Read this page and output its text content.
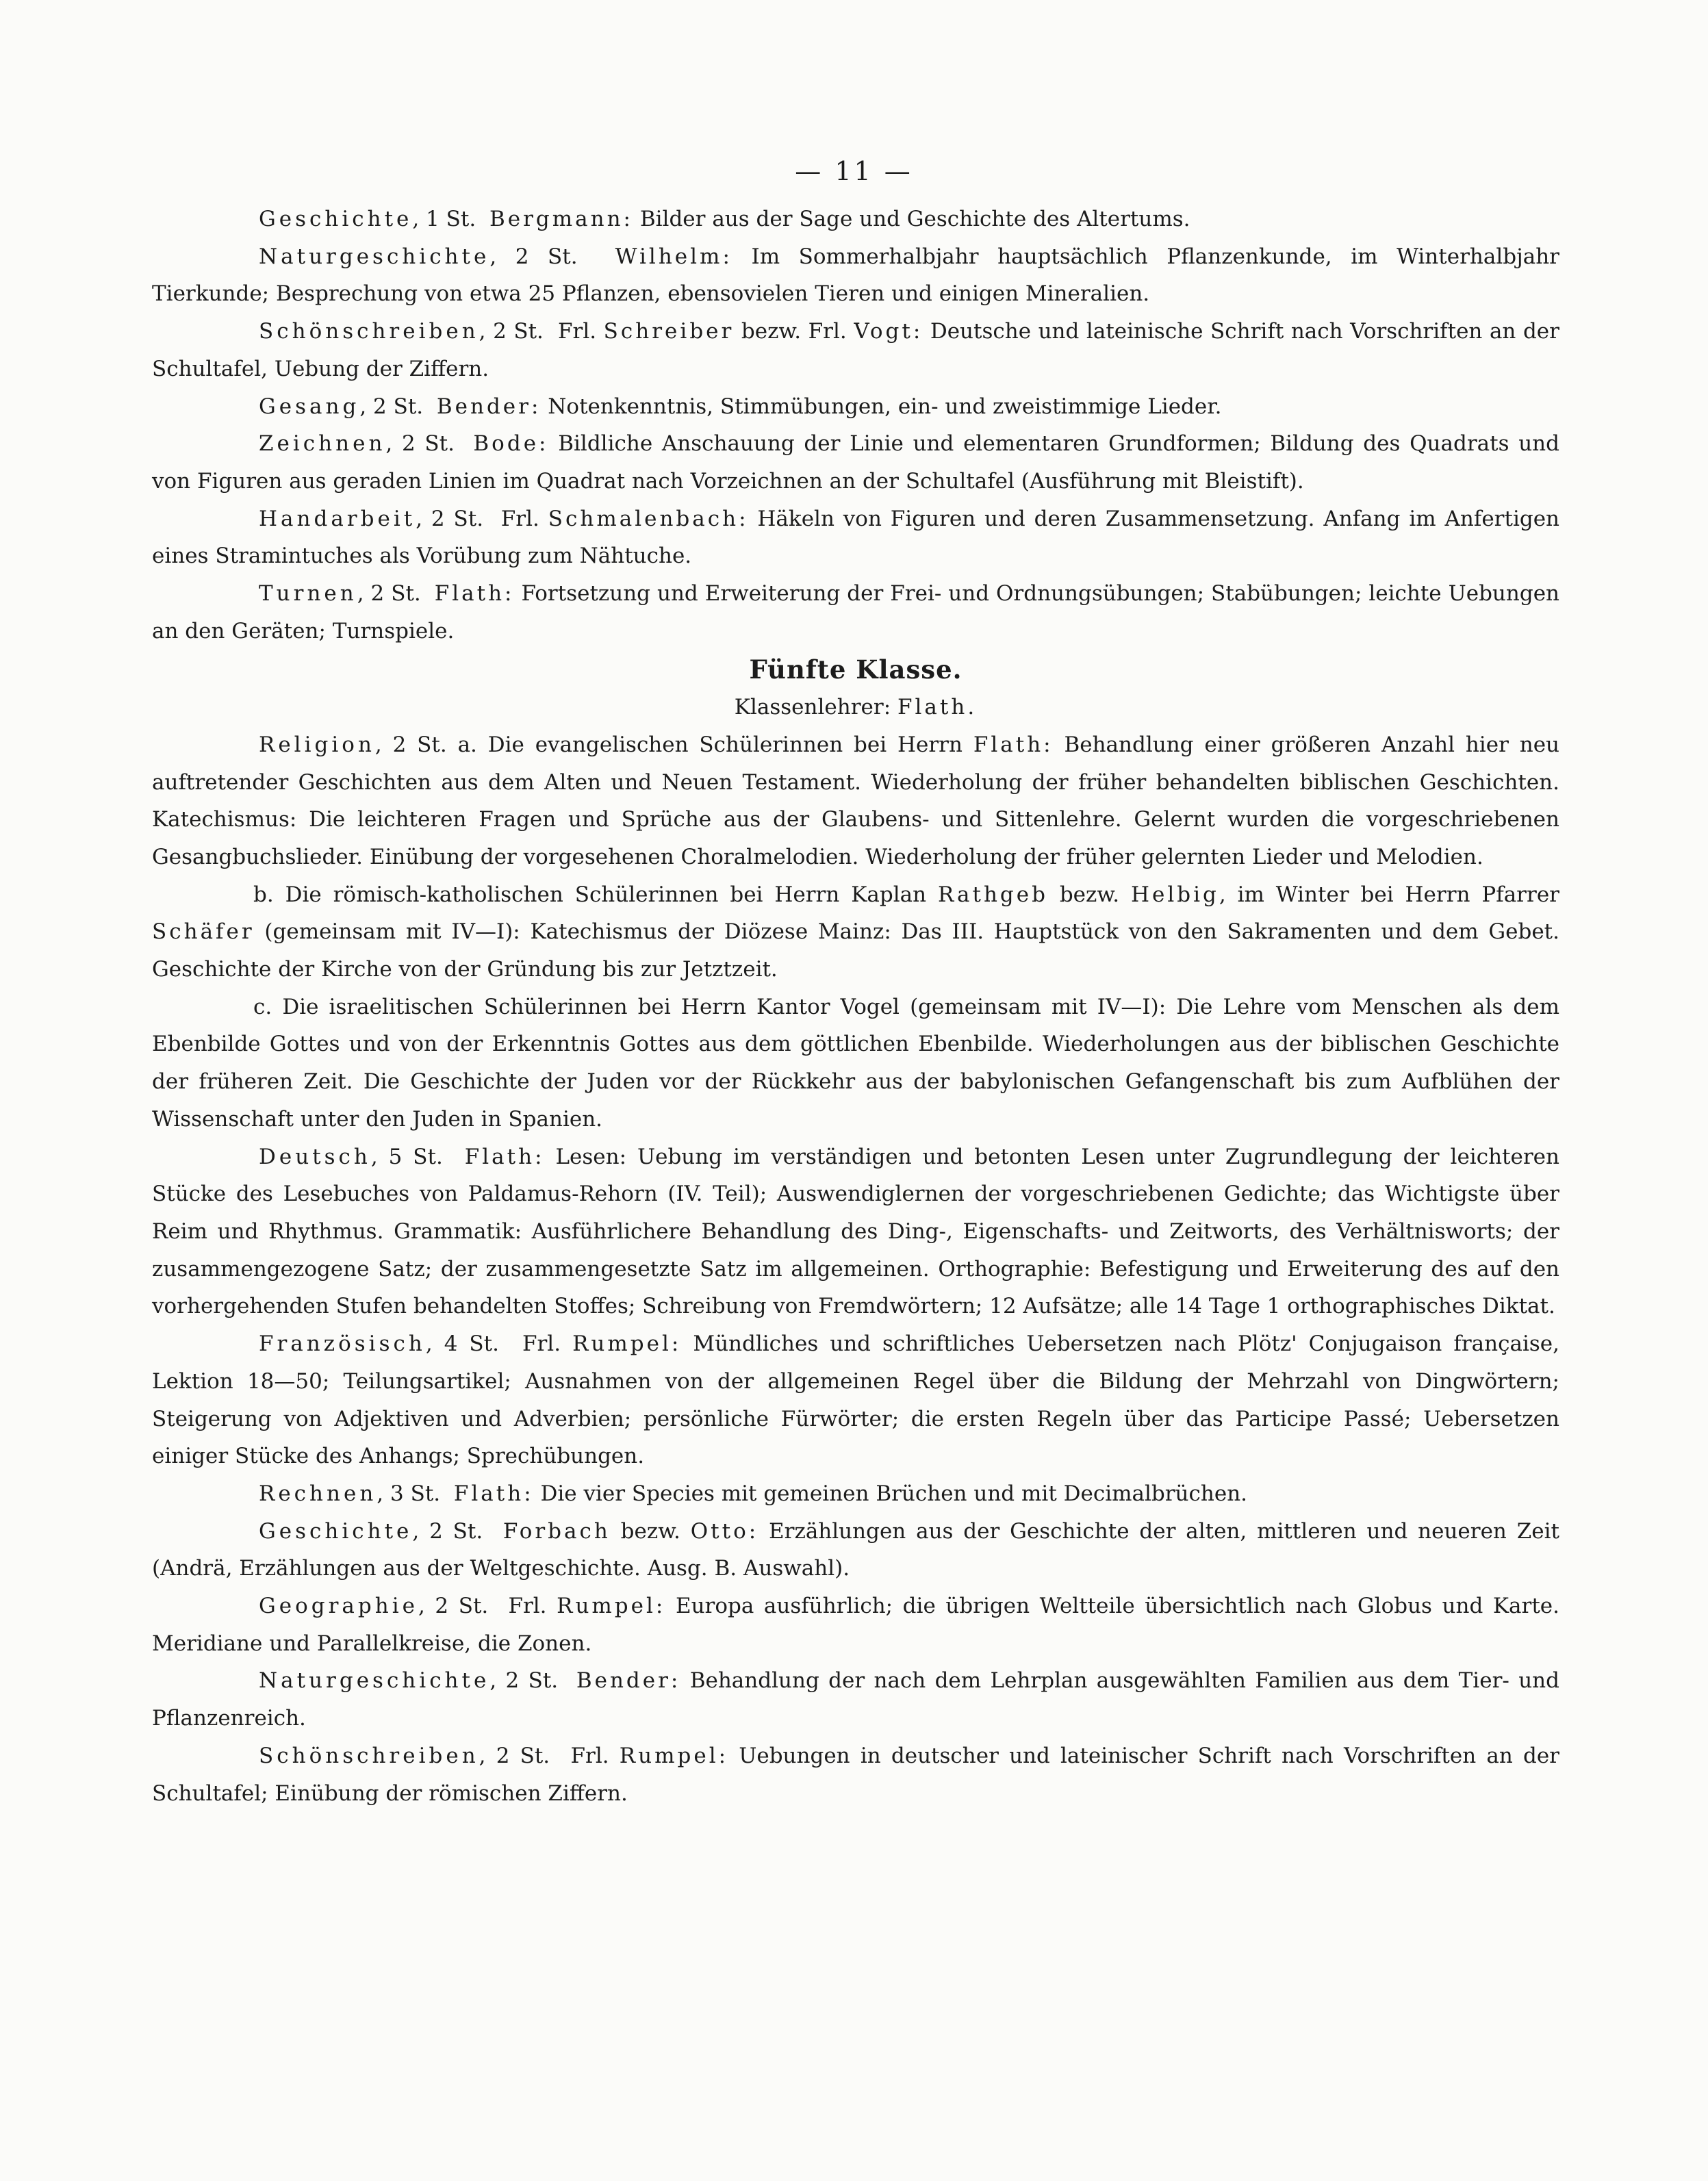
— 11 —

Geschichte, 1 St. Bergmann: Bilder aus der Sage und Geschichte des Altertums.

Naturgeschichte, 2 St. Wilhelm: Im Sommerhalbjahr hauptsächlich Pflanzenkunde, im Winterhalbjahr Tierkunde; Besprechung von etwa 25 Pflanzen, ebensovielen Tieren und einigen Mineralien.

Schönschreiben, 2 St. Frl. Schreiber bezw. Frl. Vogt: Deutsche und lateinische Schrift nach Vorschriften an der Schultafel, Uebung der Ziffern.

Gesang, 2 St. Bender: Notenkenntnis, Stimmübungen, ein- und zweistimmige Lieder.

Zeichnen, 2 St. Bode: Bildliche Anschauung der Linie und elementaren Grundformen; Bildung des Quadrats und von Figuren aus geraden Linien im Quadrat nach Vorzeichnen an der Schultafel (Ausführung mit Bleistift).

Handarbeit, 2 St. Frl. Schmalenbach: Häkeln von Figuren und deren Zusammensetzung. Anfang im Anfertigen eines Stramintuches als Vorübung zum Nähtuche.

Turnen, 2 St. Flath: Fortsetzung und Erweiterung der Frei- und Ordnungsübungen; Stabübungen; leichte Uebungen an den Geräten; Turnspiele.

Fünfte Klasse.

Klassenlehrer: Flath.

Religion, 2 St. a. Die evangelischen Schülerinnen bei Herrn Flath: Behandlung einer größeren Anzahl hier neu auftretender Geschichten aus dem Alten und Neuen Testament. Wiederholung der früher behandelten biblischen Geschichten. Katechismus: Die leichteren Fragen und Sprüche aus der Glaubens- und Sittenlehre. Gelernt wurden die vorgeschriebenen Gesangbuchslieder. Einübung der vorgesehenen Choralmelodien. Wiederholung der früher gelernten Lieder und Melodien.

b. Die römisch-katholischen Schülerinnen bei Herrn Kaplan Rathgeb bezw. Helbig, im Winter bei Herrn Pfarrer Schäfer (gemeinsam mit IV—I): Katechismus der Diözese Mainz: Das III. Hauptstück von den Sakramenten und dem Gebet. Geschichte der Kirche von der Gründung bis zur Jetztzeit.

c. Die israelitischen Schülerinnen bei Herrn Kantor Vogel (gemeinsam mit IV—I): Die Lehre vom Menschen als dem Ebenbilde Gottes und von der Erkenntnis Gottes aus dem göttlichen Ebenbilde. Wiederholungen aus der biblischen Geschichte der früheren Zeit. Die Geschichte der Juden vor der Rückkehr aus der babylonischen Gefangenschaft bis zum Aufblühen der Wissenschaft unter den Juden in Spanien.

Deutsch, 5 St. Flath: Lesen: Uebung im verständigen und betonten Lesen unter Zugrundlegung der leichteren Stücke des Lesebuches von Paldamus-Rehorn (IV. Teil); Auswendiglernen der vorgeschriebenen Gedichte; das Wichtigste über Reim und Rhythmus. Grammatik: Ausführlichere Behandlung des Ding-, Eigenschafts- und Zeitworts, des Verhältnisworts; der zusammengezogene Satz; der zusammengesetzte Satz im allgemeinen. Orthographie: Befestigung und Erweiterung des auf den vorhergehenden Stufen behandelten Stoffes; Schreibung von Fremdwörtern; 12 Aufsätze; alle 14 Tage 1 orthographisches Diktat.

Französisch, 4 St. Frl. Rumpel: Mündliches und schriftliches Uebersetzen nach Plötz' Conjugaison française, Lektion 18—50; Teilungsartikel; Ausnahmen von der allgemeinen Regel über die Bildung der Mehrzahl von Dingwörtern; Steigerung von Adjektiven und Adverbien; persönliche Fürwörter; die ersten Regeln über das Participe Passé; Uebersetzen einiger Stücke des Anhangs; Sprechübungen.

Rechnen, 3 St. Flath: Die vier Species mit gemeinen Brüchen und mit Decimalbrüchen.

Geschichte, 2 St. Forbach bezw. Otto: Erzählungen aus der Geschichte der alten, mittleren und neueren Zeit (Andrä, Erzählungen aus der Weltgeschichte. Ausg. B. Auswahl).

Geographie, 2 St. Frl. Rumpel: Europa ausführlich; die übrigen Weltteile übersichtlich nach Globus und Karte. Meridiane und Parallelkreise, die Zonen.

Naturgeschichte, 2 St. Bender: Behandlung der nach dem Lehrplan ausgewählten Familien aus dem Tier- und Pflanzenreich.

Schönschreiben, 2 St. Frl. Rumpel: Uebungen in deutscher und lateinischer Schrift nach Vorschriften an der Schultafel; Einübung der römischen Ziffern.
